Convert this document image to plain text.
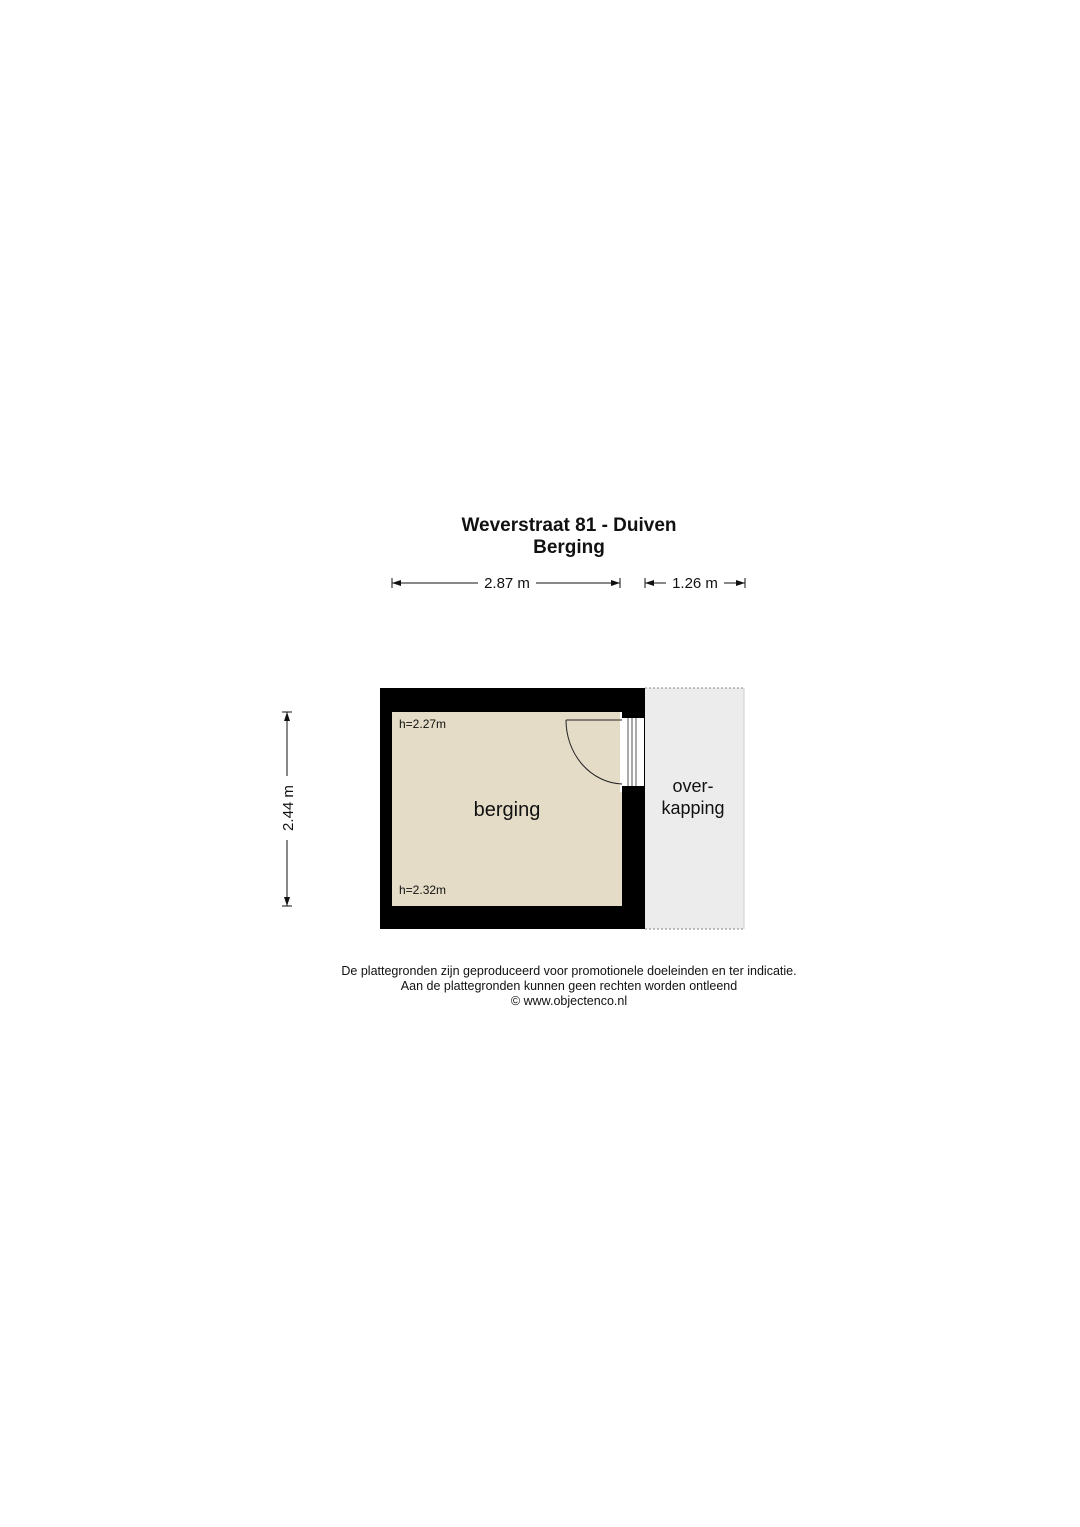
Weverstraat 81 - Duiven
Berging
2.87 m	1.26 m
2.44 m	over-
kapping
h=2.27m
berging
h=2.32m
De plattegronden zijn geproduceerd voor promotionele doeleinden en ter indicatie.
Aan de plattegronden kunnen geen rechten worden ontleend
© www.objectenco.nl
